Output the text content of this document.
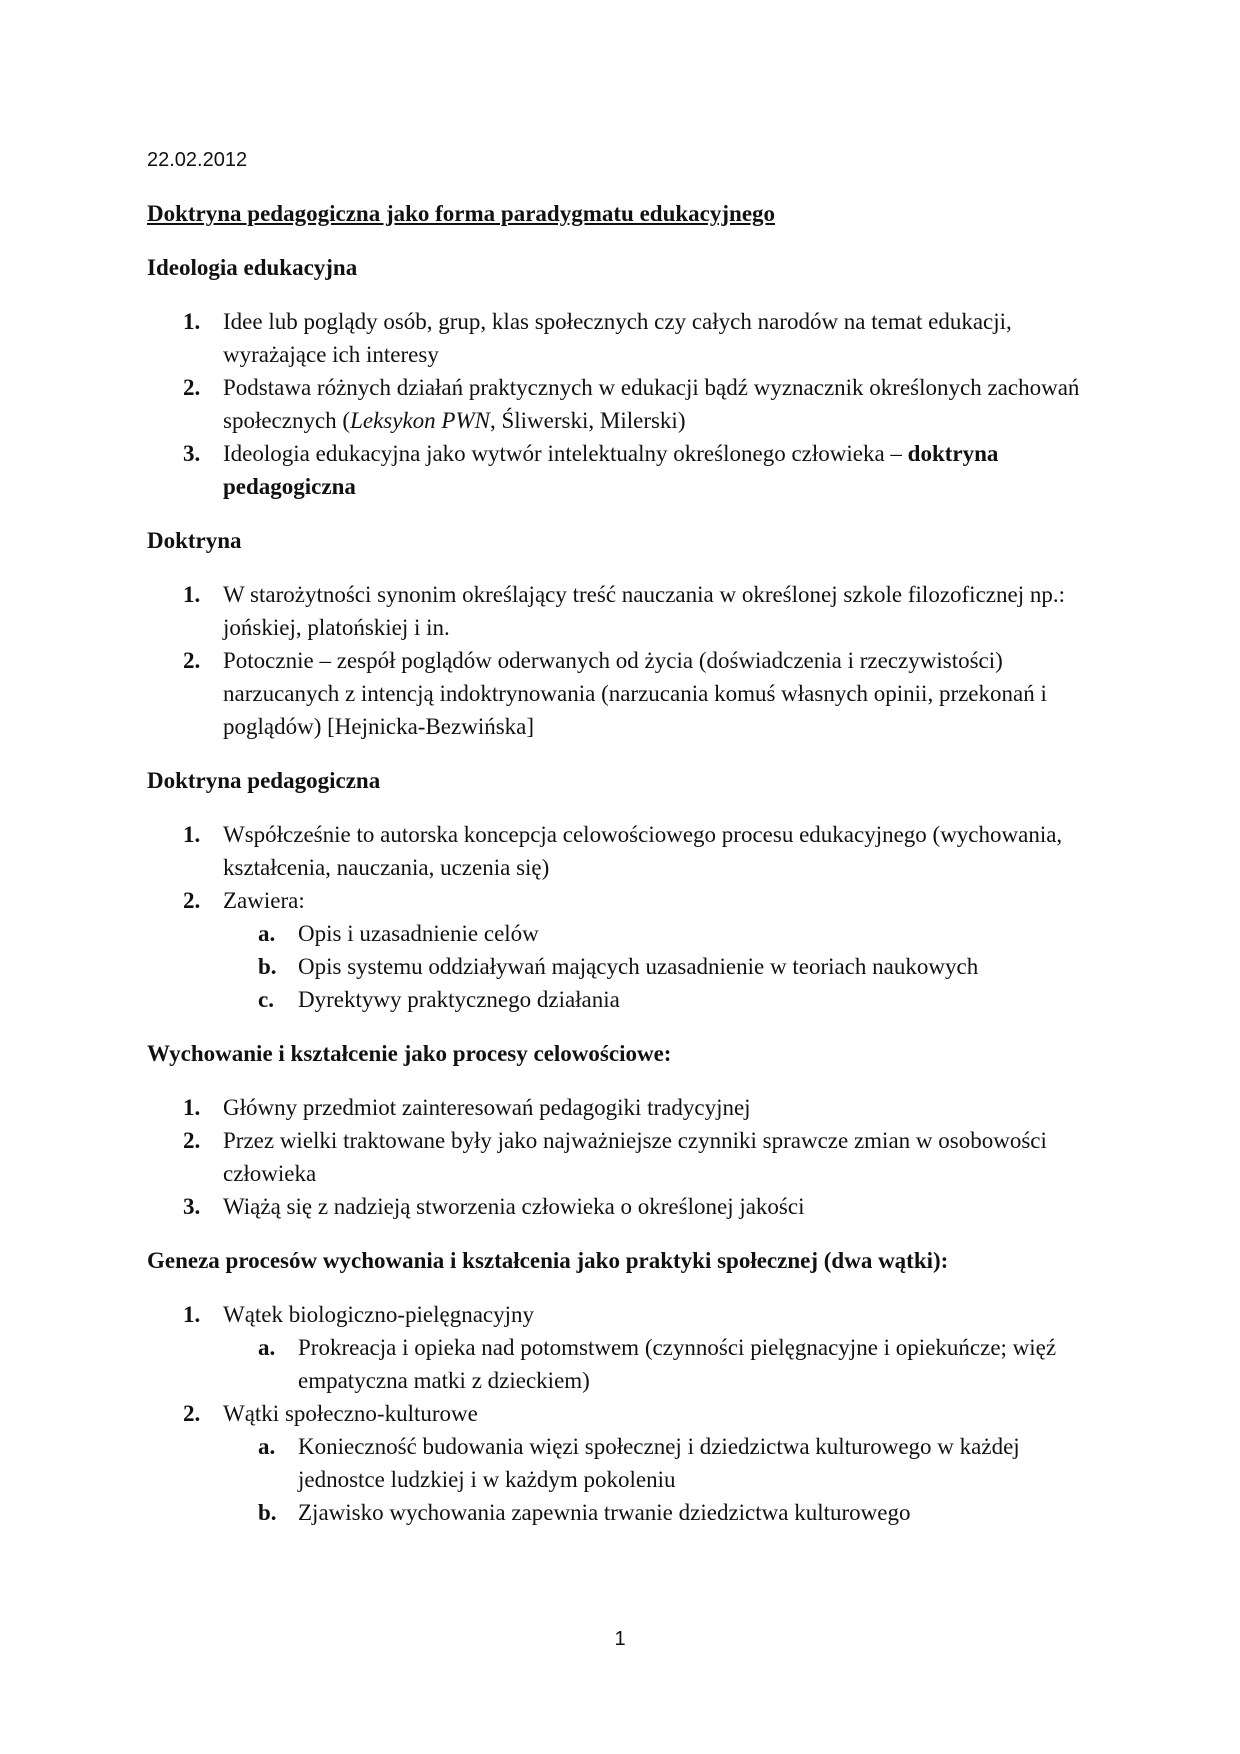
22.02.2012
Doktryna pedagogiczna jako forma paradygmatu edukacyjnego
Ideologia edukacyjna
1. Idee lub poglądy osób, grup, klas społecznych czy całych narodów na temat edukacji, wyrażające ich interesy
2. Podstawa różnych działań praktycznych w edukacji bądź wyznacznik określonych zachowań społecznych (Leksykon PWN, Śliwerski, Milerski)
3. Ideologia edukacyjna jako wytwór intelektualny określonego człowieka – doktryna pedagogiczna
Doktryna
1. W starożytności synonim określający treść nauczania w określonej szkole filozoficznej np.: jońskiej, platońskiej i in.
2. Potocznie – zespół poglądów oderwanych od życia (doświadczenia i rzeczywistości) narzucanych z intencją indoktrynowania (narzucania komuś własnych opinii, przekonań i poglądów) [Hejnicka-Bezwińska]
Doktryna pedagogiczna
1. Współcześnie to autorska koncepcja celowościowego procesu edukacyjnego (wychowania, kształcenia, nauczania, uczenia się)
2. Zawiera:
a. Opis i uzasadnienie celów
b. Opis systemu oddziaływań mających uzasadnienie w teoriach naukowych
c. Dyrektywy praktycznego działania
Wychowanie i kształcenie jako procesy celowościowe:
1. Główny przedmiot zainteresowań pedagogiki tradycyjnej
2. Przez wielki traktowane były jako najważniejsze czynniki sprawcze zmian w osobowości człowieka
3. Wiążą się z nadzieją stworzenia człowieka o określonej jakości
Geneza procesów wychowania i kształcenia jako praktyki społecznej (dwa wątki):
1. Wątek biologiczno-pielęgnacyjny
a. Prokreacja i opieka nad potomstwem (czynności pielęgnacyjne i opiekuńcze; więź empatyczna matki z dzieckiem)
2. Wątki społeczno-kulturowe
a. Konieczność budowania więzi społecznej i dziedzictwa kulturowego w każdej jednostce ludzkiej i w każdym pokoleniu
b. Zjawisko wychowania zapewnia trwanie dziedzictwa kulturowego
1
